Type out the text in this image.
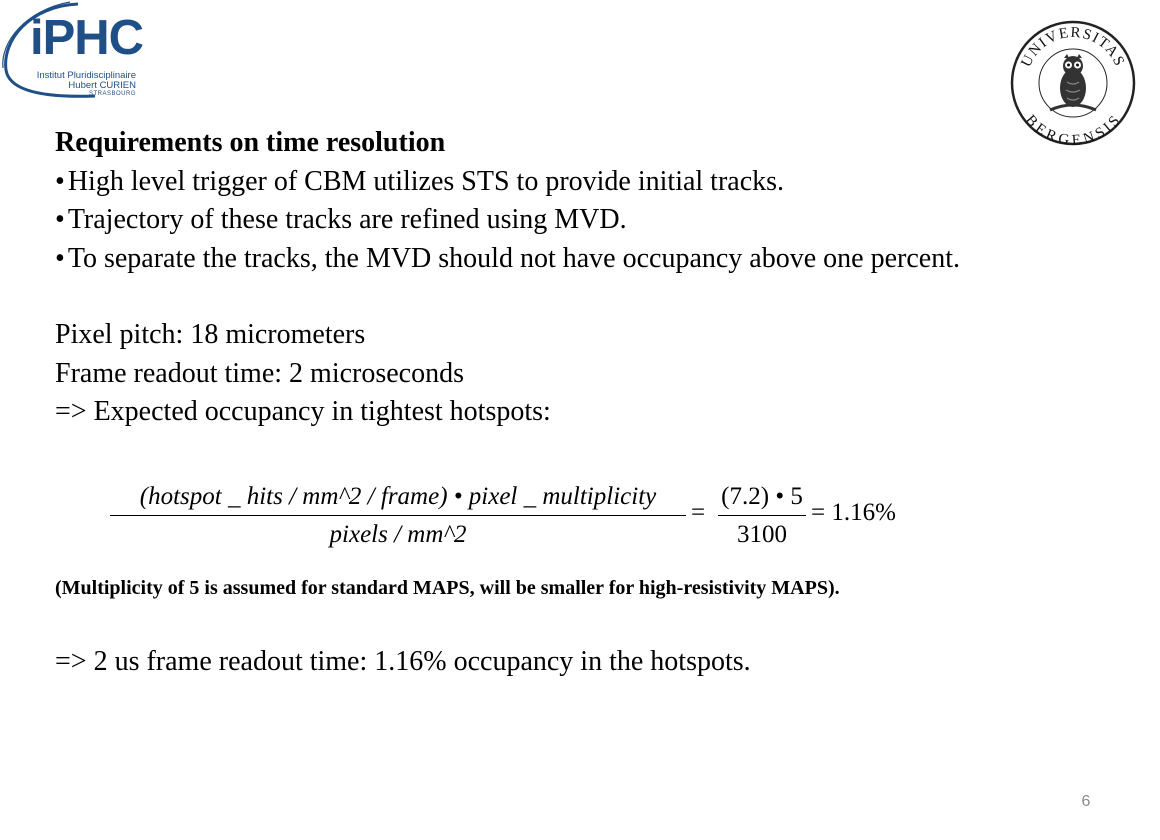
iPHC
Institut Pluridisciplinaire
Hubert CURIEN
STRASBOURG
UNIVERSITAS
BERGENSIS
Requirements on time resolution
• High level trigger of CBM utilizes STS to provide initial tracks.
• Trajectory of these tracks are refined using MVD.
• To separate the tracks, the MVD should not have occupancy above one percent.
Pixel pitch: 18 micrometers
Frame readout time: 2 microseconds
=> Expected occupancy in tightest hotspots:
(hotspot _ hits / mm^2 / frame) • pixel _ multiplicity
pixels / mm^2
= $\frac{(7.2) • 5}{3100} = 1.16\%$
(Multiplicity of 5 is assumed for standard MAPS, will be smaller for high-resistivity MAPS).
=> 2 us frame readout time: 1.16% occupancy in the hotspots.
6
